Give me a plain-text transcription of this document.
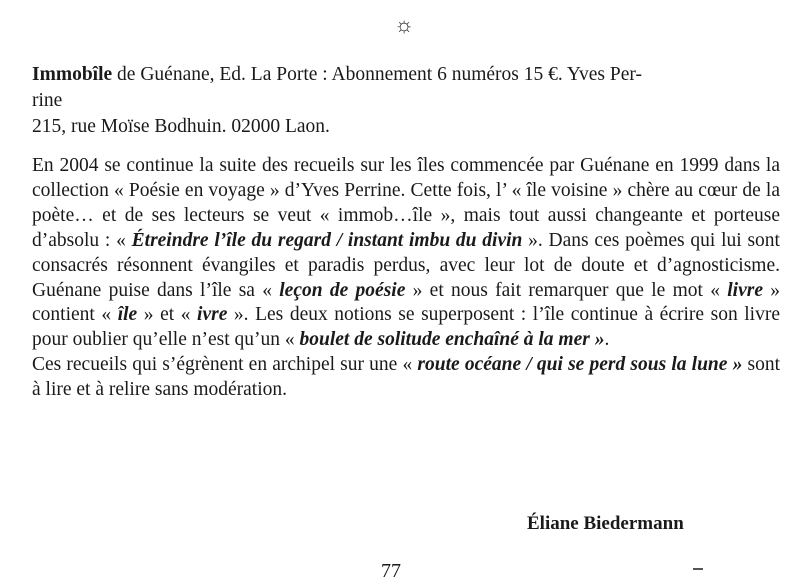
☼
Immobîle de Guénane, Ed. La Porte : Abonnement 6 numéros 15 €. Yves Per-
rine
215, rue Moïse Bodhuin. 02000 Laon.

En 2004 se continue la suite des recueils sur les îles commencée par Guénane en 1999 dans la collection « Poésie en voyage » d’Yves Perrine. Cette fois, l’ « île voisine » chère au cœur de la poète… et de ses lecteurs se veut « immob…île », mais tout aussi changeante et porteuse d’absolu : « Étreindre l’île du regard / instant imbu du divin ». Dans ces poèmes qui lui sont consacrés résonnent évangiles et paradis perdus, avec leur lot de doute et d’agnosticisme. Guénane puise dans l’île sa « leçon de poésie » et nous fait remarquer que le mot « livre » contient « île » et « ivre ». Les deux notions se superposent : l’île continue à écrire son livre pour oublier qu’elle n’est qu’un « boulet de solitude enchaîné à la mer ».

Ces recueils qui s’égrènent en archipel sur une « route océane / qui se perd sous la lune » sont à lire et à relire sans modération.

Éliane Biedermann
77
